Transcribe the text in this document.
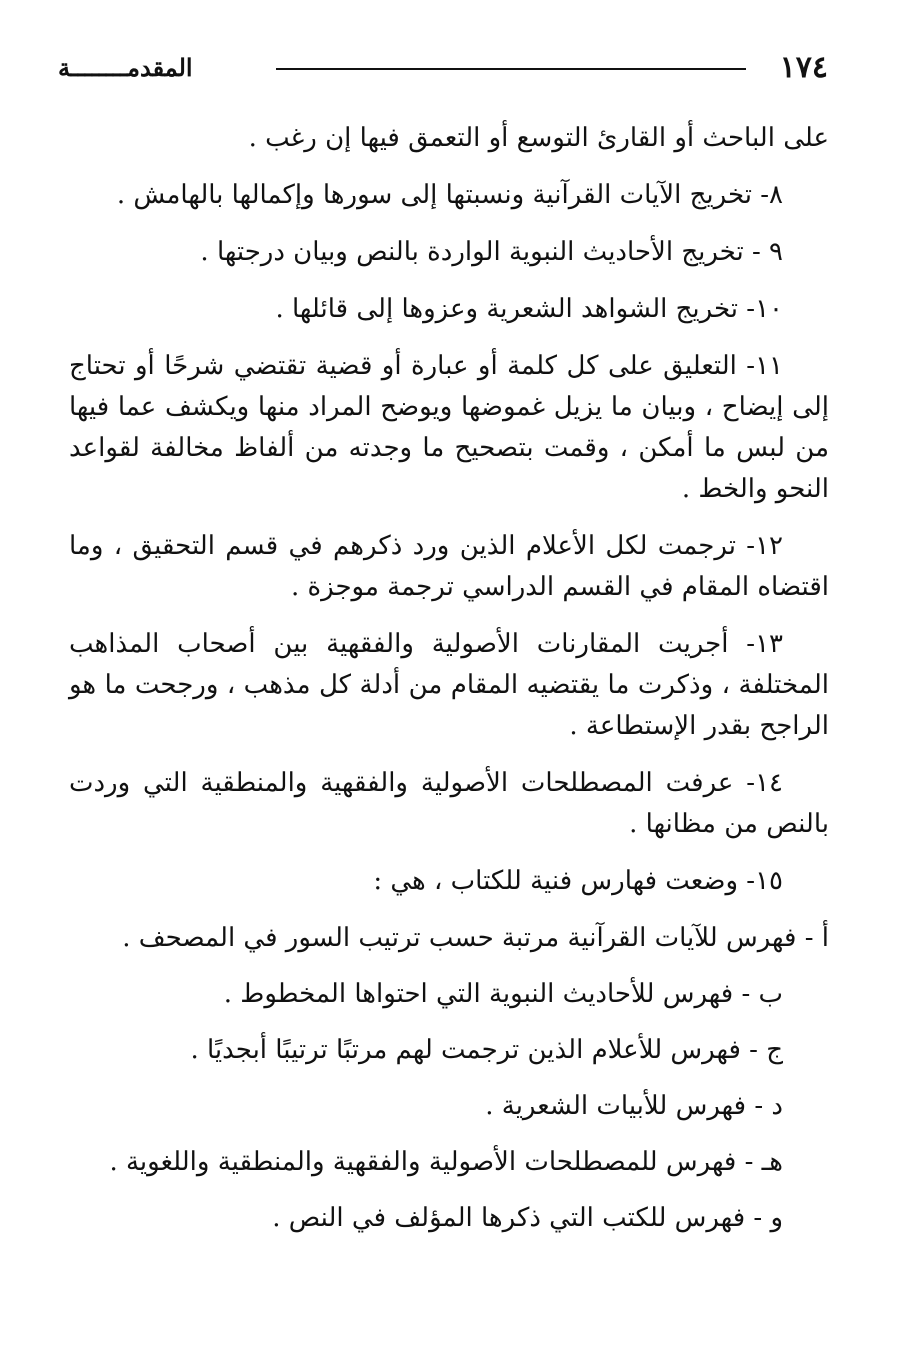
١٧٤
المقدمــــــــة

على الباحث أو القارئ التوسع أو التعمق فيها إن رغب .

٨- تخريج الآيات القرآنية ونسبتها إلى سورها وإكمالها بالهامش .

٩ - تخريج الأحاديث النبوية الواردة بالنص وبيان درجتها .

١٠- تخريج الشواهد الشعرية وعزوها إلى قائلها .

١١- التعليق على كل كلمة أو عبارة أو قضية تقتضي شرحًا أو تحتاج إلى إيضاح ، وبيان ما يزيل غموضها ويوضح المراد منها ويكشف عما فيها من لبس ما أمكن ، وقمت بتصحيح ما وجدته من ألفاظ مخالفة لقواعد النحو والخط .

١٢- ترجمت لكل الأعلام الذين ورد ذكرهم في قسم التحقيق ، وما اقتضاه المقام في القسم الدراسي ترجمة موجزة .

١٣- أجريت المقارنات الأصولية والفقهية بين أصحاب المذاهب المختلفة ، وذكرت ما يقتضيه المقام من أدلة كل مذهب ، ورجحت ما هو الراجح بقدر الإستطاعة .

١٤- عرفت المصطلحات الأصولية والفقهية والمنطقية التي وردت بالنص من مظانها .

١٥- وضعت فهارس فنية للكتاب ، هي :

أ - فهرس للآيات القرآنية مرتبة حسب ترتيب السور في المصحف .

ب - فهرس للأحاديث النبوية التي احتواها المخطوط .

ج - فهرس للأعلام الذين ترجمت لهم مرتبًا ترتيبًا أبجديًا .

د - فهرس للأبيات الشعرية .

هـ - فهرس للمصطلحات الأصولية والفقهية والمنطقية واللغوية .

و - فهرس للكتب التي ذكرها المؤلف في النص .
